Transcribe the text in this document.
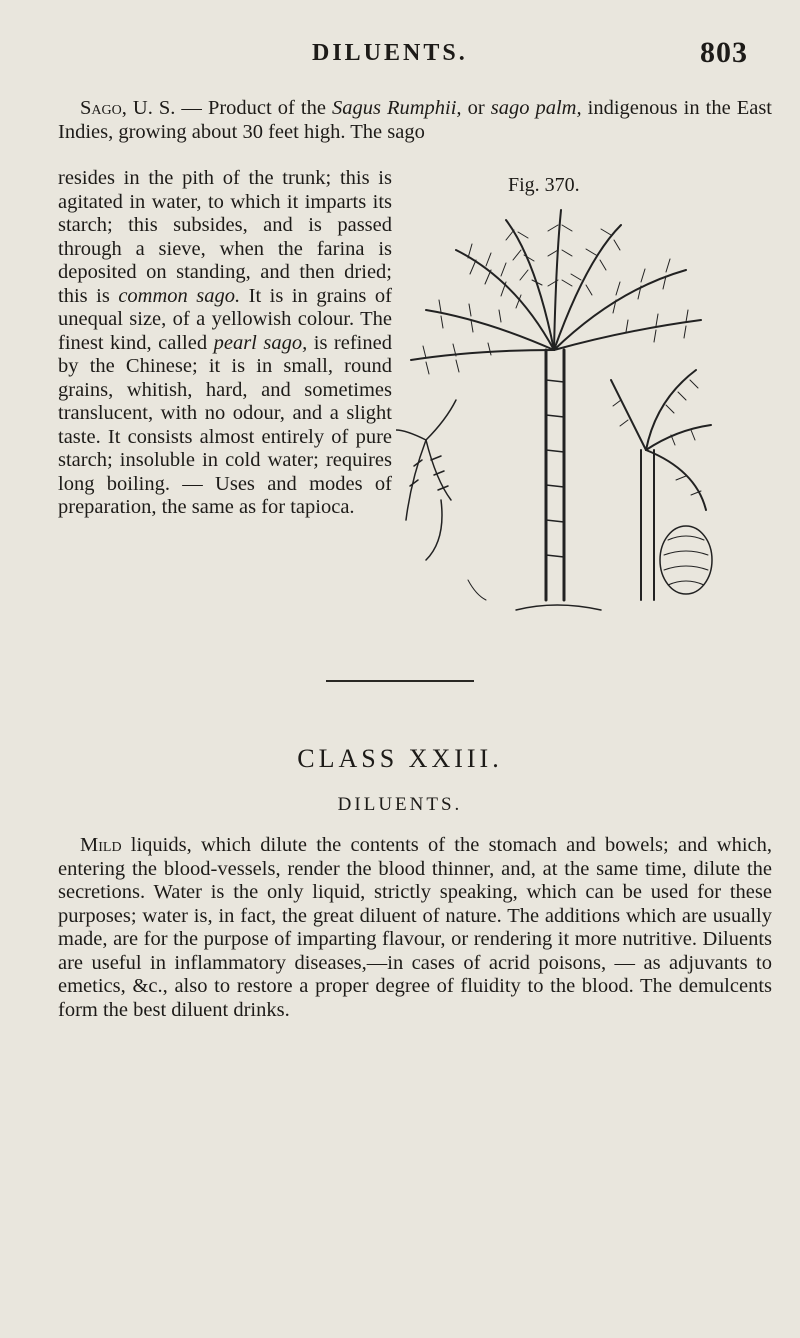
DILUENTS.	803

Sago, U. S. — Product of the Sagus Rumphii, or sago palm, indigenous in the East Indies, growing about 30 feet high. The sago

resides in the pith of the trunk; this is agitated in water, to which it imparts its starch; this subsides, and is passed through a sieve, when the farina is deposited on standing, and then dried; this is common sago. It is in grains of unequal size, of a yellowish colour. The finest kind, called pearl sago, is refined by the Chinese; it is in small, round grains, whitish, hard, and sometimes translucent, with no odour, and a slight taste. It consists almost entirely of pure starch; insoluble in cold water; requires long boiling. — Uses and modes of preparation, the same as for tapioca.

Fig. 370.
CLASS XXIII.
DILUENTS.

Mild liquids, which dilute the contents of the stomach and bowels; and which, entering the blood-vessels, render the blood thinner, and, at the same time, dilute the secretions. Water is the only liquid, strictly speaking, which can be used for these purposes; water is, in fact, the great diluent of nature. The additions which are usually made, are for the purpose of imparting flavour, or rendering it more nutritive. Diluents are useful in inflammatory diseases,—in cases of acrid poisons, — as adjuvants to emetics, &c., also to restore a proper degree of fluidity to the blood. The demulcents form the best diluent drinks.
